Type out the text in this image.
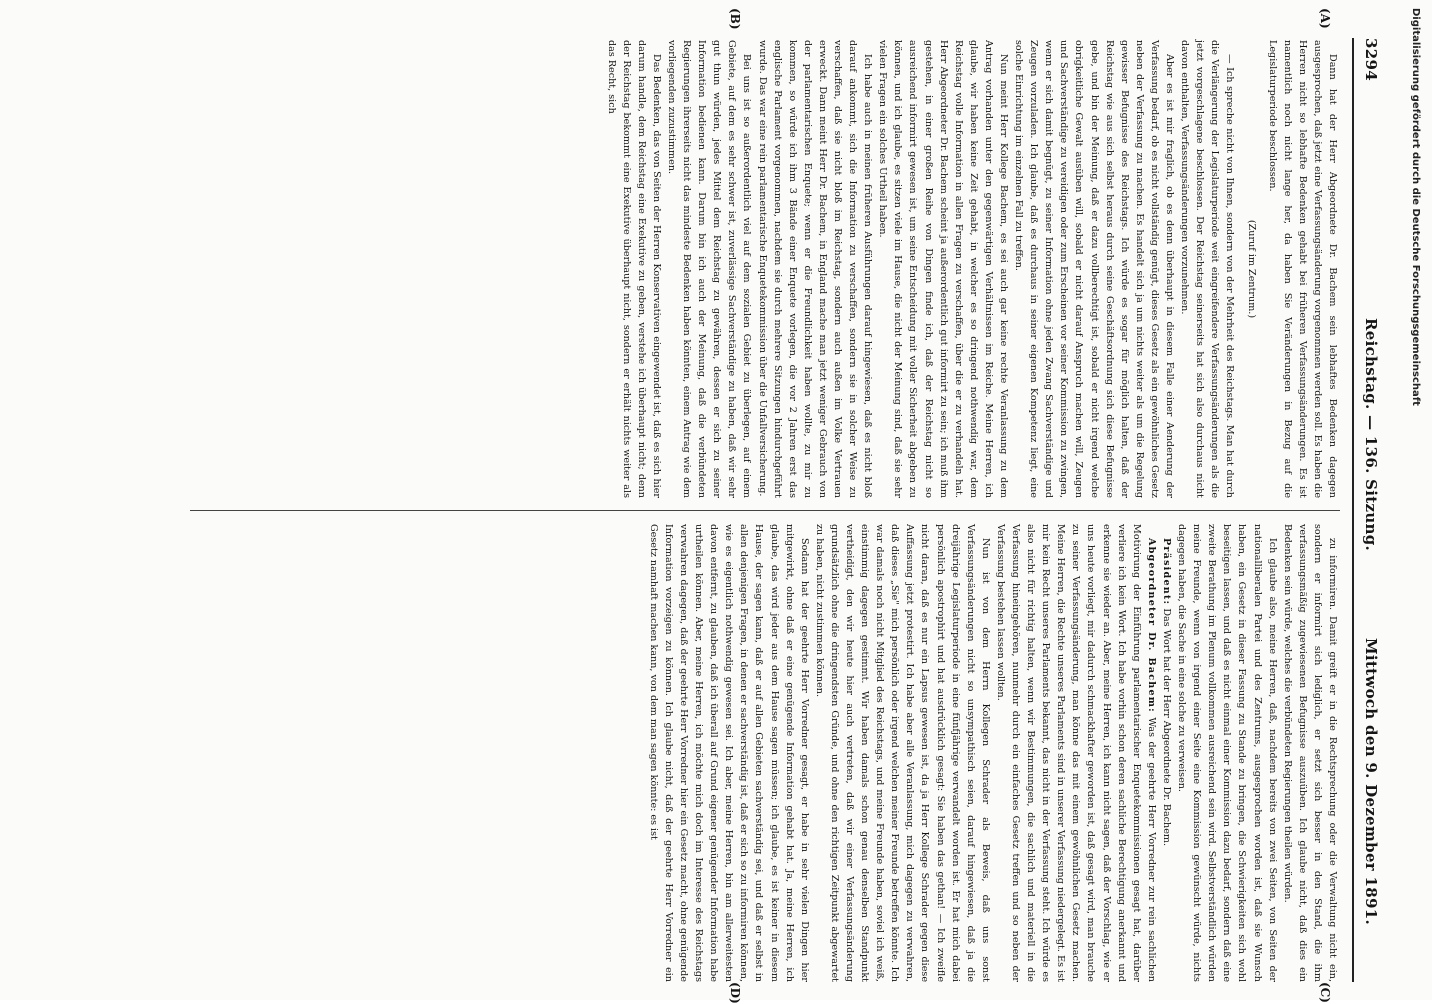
3294
Reichstag. — 136. Sitzung.
Mittwoch den 9. Dezember 1891.
(A)
(B)
(C)
(D)

Dann hat der Herr Abgeordnete Dr. Bachem sein lebhaftes Bedenken dagegen ausgesprochen, daß jetzt eine Verfassungsänderung vorgenommen werden soll. Es haben die Herren nicht so lebhafte Bedenken gehabt bei früheren Verfassungsänderungen. Es ist namentlich noch nicht lange her, da haben Sie Veränderungen in Bezug auf die Legislaturperiode beschlossen.

(Zuruf im Zentrum.)

— Ich spreche nicht von Ihnen, sondern von der Mehrheit des Reichstags. Man hat durch die Verlängerung der Legislaturperiode weit eingreifendere Verfassungsänderungen als die jetzt vorgeschlagene beschlossen. Der Reichstag seinerseits hat sich also durchaus nicht davon enthalten, Verfassungsänderungen vorzunehmen.

Aber es ist mir fraglich, ob es denn überhaupt in diesem Falle einer Aenderung der Verfassung bedarf, ob es nicht vollständig genügt, dieses Gesetz als ein gewöhnliches Gesetz neben der Verfassung zu machen. Es handelt sich ja um nichts weiter als um die Regelung gewisser Befugnisse des Reichstags. Ich würde es sogar für möglich halten, daß der Reichstag wie aus sich selbst heraus durch seine Geschäftsordnung sich diese Befugnisse gebe, und bin der Meinung, daß er dazu vollberechtigt ist, sobald er nicht irgend welche obrigkeitliche Gewalt ausüben will, sobald er nicht darauf Anspruch machen will, Zeugen und Sachverständige zu vereidigen oder zum Erscheinen vor seiner Kommission zu zwingen, wenn er sich damit begnügt, zu seiner Information ohne jeden Zwang Sachverständige und Zeugen vorzuladen. Ich glaube, daß es durchaus in seiner eigenen Kompetenz liegt, eine solche Einrichtung im einzelnen Fall zu treffen.

Nun meint Herr Kollege Bachem, es sei auch gar keine rechte Veranlassung zu dem Antrag vorhanden unter den gegenwärtigen Verhältnissen im Reiche. Meine Herren, ich glaube, wir haben keine Zeit gehabt, in welcher es so dringend nothwendig war, dem Reichstag volle Information in allen Fragen zu verschaffen, über die er zu verhandeln hat. Herr Abgeordneter Dr. Bachem scheint ja außerordentlich gut informirt zu sein; ich muß ihm gestehen, in einer großen Reihe von Dingen finde ich, daß der Reichstag nicht so ausreichend informirt gewesen ist, um seine Entscheidung mit voller Sicherheit abgeben zu können, und ich glaube, es sitzen viele im Hause, die nicht der Meinung sind, daß sie sehr vielen Fragen ein solches Urtheil haben.

Ich habe auch in meinen früheren Ausführungen darauf hingewiesen, daß es nicht bloß darauf ankommt, sich die Information zu verschaffen, sondern sie in solcher Weise zu verschaffen, daß sie nicht bloß im Reichstag, sondern auch außen im Volke Vertrauen erweckt. Dann meint Herr Dr. Bachem, in England mache man jetzt weniger Gebrauch von der parlamentarischen Enquete; wenn er die Freundlichkeit haben wollte, zu mir zu kommen, so würde ich ihm 3 Bände einer Enquete vorlegen, die vor 2 Jahren erst das englische Parlament vorgenommen, nachdem sie durch mehrere Sitzungen hindurchgeführt wurde. Das war eine rein parlamentarische Enquetekommission über die Unfallversicherung.

Bei uns ist so außerordentlich viel auf dem sozialen Gebiet zu überlegen, auf einem Gebiete, auf dem es sehr schwer ist, zuverlässige Sachverständige zu haben, daß wir sehr gut thun würden, jedes Mittel dem Reichstag zu gewähren, dessen er sich zu seiner Information bedienen kann. Darum bin ich auch der Meinung, daß die verbündeten Regierungen ihrerseits nicht das mindeste Bedenken haben könnten, einem Antrag wie dem vorliegenden zuzustimmen.

Das Bedenken, das von Seiten der Herren Konservativen eingewendet ist, daß es sich hier darum handle, dem Reichstag eine Exekutive zu geben, verstehe ich überhaupt nicht; denn der Reichstag bekommt eine Exekutive überhaupt nicht, sondern er erhält nichts weiter als das Recht, sich

zu informiren. Damit greift er in die Rechtsprechung oder die Verwaltung nicht ein, sondern er informirt sich lediglich, er setzt sich besser in den Stand, die ihm verfassungsmäßig zugewiesenen Befugnisse auszuüben. Ich glaube nicht, daß dies ein Bedenken sein würde, welches die verbündeten Regierungen theilen würden.

Ich glaube also, meine Herren, daß, nachdem bereits von zwei Seiten, von Seiten der nationalliberalen Partei und des Zentrums, ausgesprochen worden ist, daß sie Wunsch haben, ein Gesetz in dieser Fassung zu Stande zu bringen, die Schwierigkeiten sich wohl beseitigen lassen, und daß es nicht einmal einer Kommission dazu bedarf, sondern daß eine zweite Berathung im Plenum vollkommen ausreichend sein wird. Selbstverständlich würden meine Freunde, wenn von irgend einer Seite eine Kommission gewünscht würde, nichts dagegen haben, die Sache in eine solche zu verweisen.

Präsident: Das Wort hat der Herr Abgeordnete Dr. Bachem.

Abgeordneter Dr. Bachem: Was der geehrte Herr Vorredner zur rein sachlichen Motivirung der Einführung parlamentarischer Enquetekommissionen gesagt hat, darüber verliere ich kein Wort. Ich habe vorhin schon deren sachliche Berechtigung anerkannt und erkenne sie wieder an. Aber, meine Herren, ich kann nicht sagen, daß der Vorschlag, wie er uns heute vorliegt, mir dadurch schmackhafter geworden ist, daß gesagt wird, man brauche zu seiner Verfassungsänderung, man könne das mit einem gewöhnlichen Gesetz machen. Meine Herren, die Rechte unseres Parlaments sind in unserer Verfassung niedergelegt. Es ist mir kein Recht unseres Parlaments bekannt, das nicht in der Verfassung steht. Ich würde es also nicht für richtig halten, wenn wir Bestimmungen, die sachlich und materiell in die Verfassung hineingehören, nunmehr durch ein einfaches Gesetz treffen und so neben der Verfassung bestehen lassen wollten.

Nun ist von dem Herrn Kollegen Schrader als Beweis, daß uns sonst Verfassungsänderungen nicht so unsympathisch seien, darauf hingewiesen, daß ja die dreijährige Legislaturperiode in eine fünfjährige verwandelt worden ist. Er hat mich dabei persönlich apostrophirt und hat ausdrücklich gesagt: Sie haben das gethan! — Ich zweifle nicht daran, daß es nur ein Lapsus gewesen ist, da ja Herr Kollege Schrader gegen diese Auffassung jetzt protestirt. Ich habe aber alle Veranlassung, mich dagegen zu verwahren, daß dieses „Sie" mich persönlich oder irgend welchen meiner Freunde betreffen könnte. Ich war damals noch nicht Mitglied des Reichstags, und meine Freunde haben, soviel ich weiß, einstimmig dagegen gestimmt. Wir haben damals schon genau denselben Standpunkt vertheidigt, den wir heute hier auch vertreten, daß wir einer Verfassungsänderung grundsätzlich ohne die dringendsten Gründe, und ohne den richtigen Zeitpunkt abgewartet zu haben, nicht zustimmen können.

Sodann hat der geehrte Herr Vorredner gesagt, er habe in sehr vielen Dingen hier mitgewirkt, ohne daß er eine genügende Information gehabt hat. Ja, meine Herren, ich glaube, das wird jeder aus dem Hause sagen müssen; ich glaube, es ist keiner in diesem Hause, der sagen kann, daß er auf allen Gebieten sachverständig sei, und daß er selbst in allen denjenigen Fragen, in denen er sachverständig ist, daß er sich so zu informiren können, wie es eigentlich nothwendig gewesen sei. Ich aber, meine Herren, bin am allerweitesten davon entfernt, zu glauben, daß ich überall auf Grund eigener genügender Information habe urtheilen können. Aber, meine Herren, ich möchte mich doch im Interesse des Reichstags verwahren dagegen, daß der geehrte Herr Vorredner hier ein Gesetz macht, ohne genügende Information vorzeigen zu können. Ich glaube nicht, daß der geehrte Herr Vorredner ein Gesetz namhaft machen kann, von dem man sagen könnte: es ist

Digitalisierung gefördert durch die Deutsche Forschungsgemeinschaft
